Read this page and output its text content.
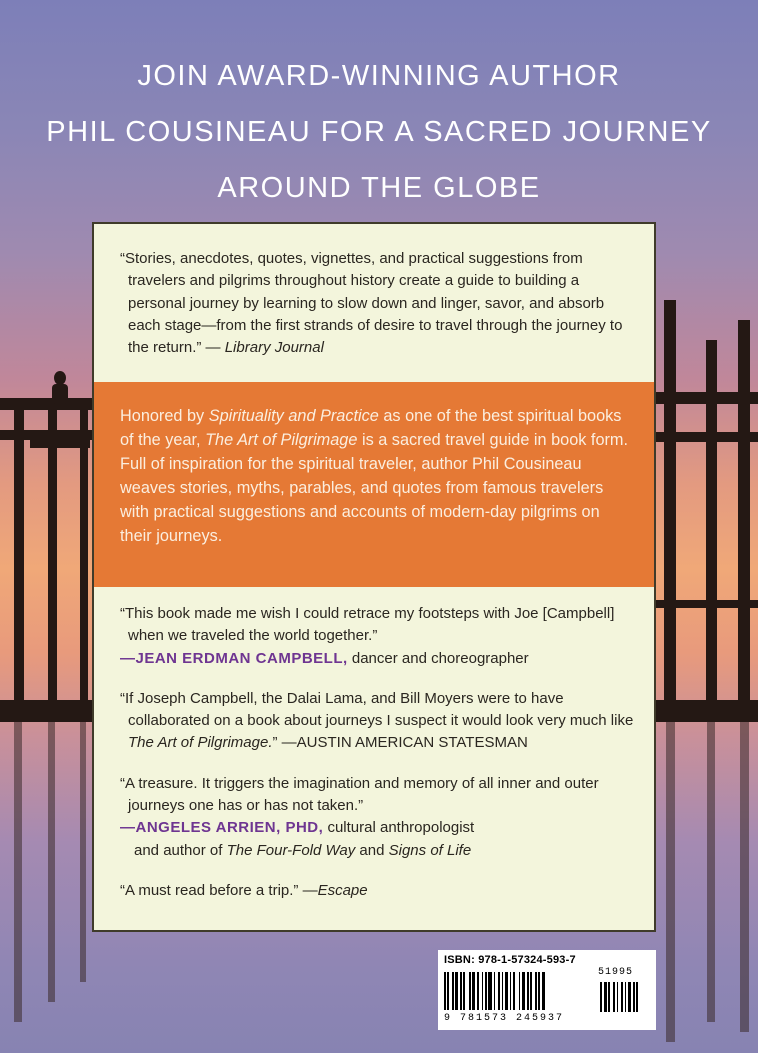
JOIN AWARD-WINNING AUTHOR
PHIL COUSINEAU FOR A SACRED JOURNEY
AROUND THE GLOBE
“Stories, anecdotes, quotes, vignettes, and practical suggestions from travelers and pilgrims throughout history create a guide to building a personal journey by learning to slow down and linger, savor, and absorb each stage—from the first strands of desire to travel through the journey to the return.” — Library Journal
Honored by Spirituality and Practice as one of the best spiritual books of the year, The Art of Pilgrimage is a sacred travel guide in book form. Full of inspiration for the spiritual traveler, author Phil Cousineau weaves stories, myths, parables, and quotes from famous travelers with practical suggestions and accounts of modern-day pilgrims on their journeys.
“This book made me wish I could retrace my footsteps with Joe [Campbell] when we traveled the world together.”
—JEAN ERDMAN CAMPBELL, dancer and choreographer
“If Joseph Campbell, the Dalai Lama, and Bill Moyers were to have collaborated on a book about journeys I suspect it would look very much like The Art of Pilgrimage.” —AUSTIN AMERICAN STATESMAN
“A treasure. It triggers the imagination and memory of all inner and outer journeys one has or has not taken.”
—ANGELES ARRIEN, PHD, cultural anthropologist
and author of The Four-Fold Way and Signs of Life
“A must read before a trip.” —Escape
ISBN: 978-1-57324-593-7
9 781573 245937
51995
